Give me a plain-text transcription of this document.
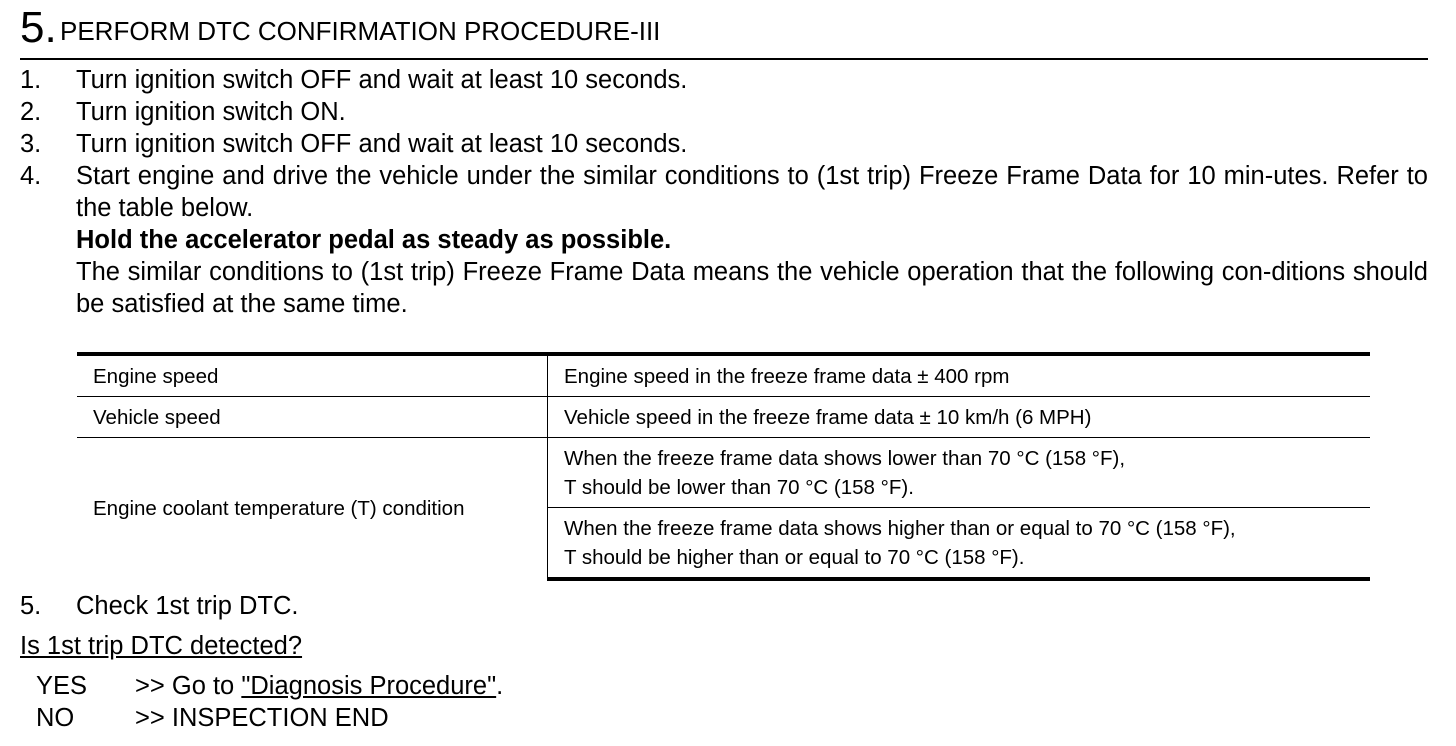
5. PERFORM DTC CONFIRMATION PROCEDURE-III
1. Turn ignition switch OFF and wait at least 10 seconds.
2. Turn ignition switch ON.
3. Turn ignition switch OFF and wait at least 10 seconds.
4. Start engine and drive the vehicle under the similar conditions to (1st trip) Freeze Frame Data for 10 min-utes. Refer to the table below.
Hold the accelerator pedal as steady as possible.
The similar conditions to (1st trip) Freeze Frame Data means the vehicle operation that the following con-ditions should be satisfied at the same time.
Engine speed	Engine speed in the freeze frame data ± 400 rpm
Vehicle speed	Vehicle speed in the freeze frame data ± 10 km/h (6 MPH)
Engine coolant temperature (T) condition	When the freeze frame data shows lower than 70 °C (158 °F),
T should be lower than 70 °C (158 °F).

	When the freeze frame data shows higher than or equal to 70 °C (158 °F),
T should be higher than or equal to 70 °C (158 °F).
5. Check 1st trip DTC.
Is 1st trip DTC detected?
YES >> Go to "Diagnosis Procedure".
NO >> INSPECTION END
